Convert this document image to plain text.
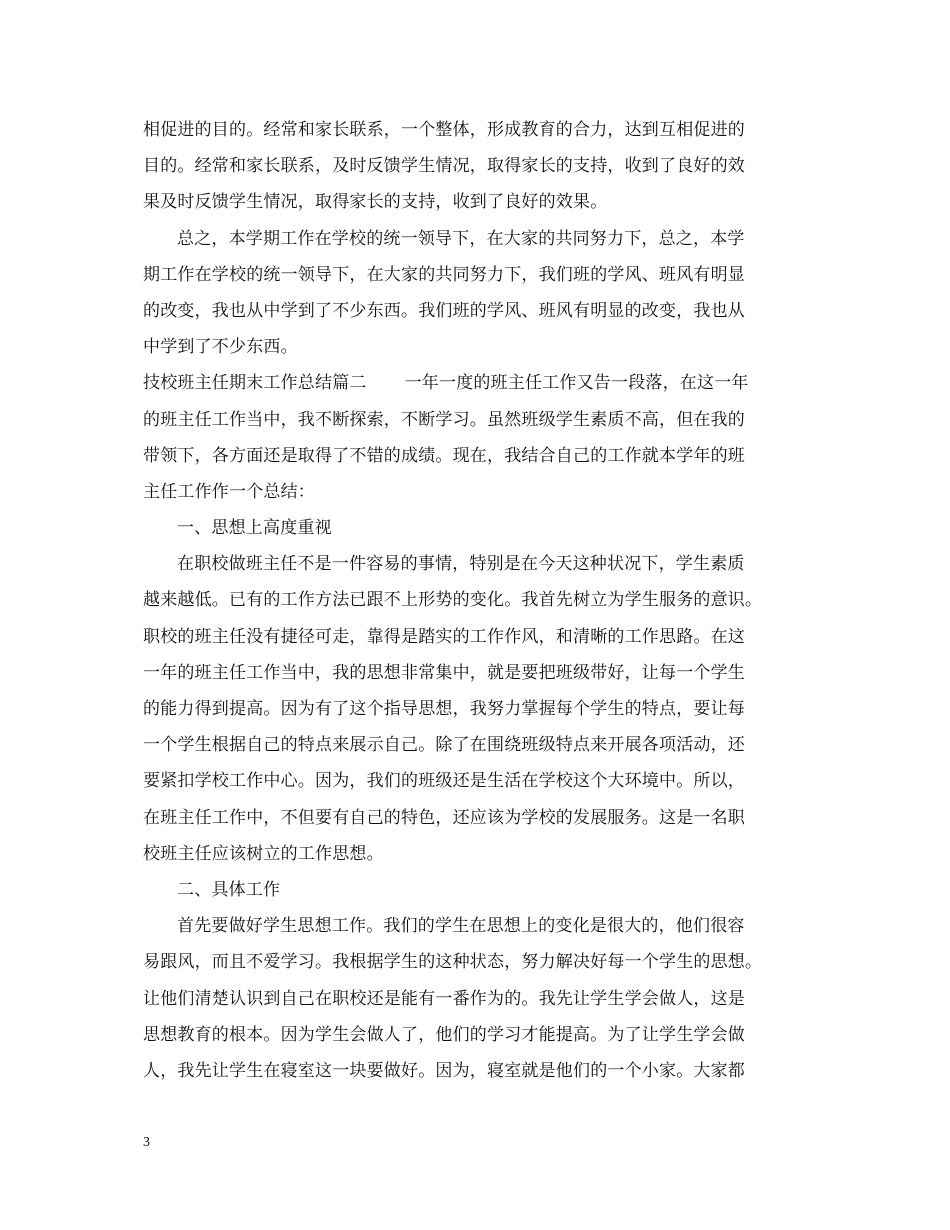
相促进的目的。经常和家长联系，一个整体，形成教育的合力，达到互相促进的
目的。经常和家长联系，及时反馈学生情况，取得家长的支持，收到了良好的效
果及时反馈学生情况，取得家长的支持，收到了良好的效果。
总之，本学期工作在学校的统一领导下，在大家的共同努力下，总之，本学
期工作在学校的统一领导下，在大家的共同努力下，我们班的学风、班风有明显
的改变，我也从中学到了不少东西。我们班的学风、班风有明显的改变，我也从
中学到了不少东西。
技校班主任期末工作总结篇二 一年一度的班主任工作又告一段落，在这一年
的班主任工作当中，我不断探索，不断学习。虽然班级学生素质不高，但在我的
带领下，各方面还是取得了不错的成绩。现在，我结合自己的工作就本学年的班
主任工作作一个总结：
一、思想上高度重视
在职校做班主任不是一件容易的事情，特别是在今天这种状况下，学生素质
越来越低。已有的工作方法已跟不上形势的变化。我首先树立为学生服务的意识。
职校的班主任没有捷径可走，靠得是踏实的工作作风，和清晰的工作思路。在这
一年的班主任工作当中，我的思想非常集中，就是要把班级带好，让每一个学生
的能力得到提高。因为有了这个指导思想，我努力掌握每个学生的特点，要让每
一个学生根据自己的特点来展示自己。除了在围绕班级特点来开展各项活动，还
要紧扣学校工作中心。因为，我们的班级还是生活在学校这个大环境中。所以，
在班主任工作中，不但要有自己的特色，还应该为学校的发展服务。这是一名职
校班主任应该树立的工作思想。
二、具体工作
首先要做好学生思想工作。我们的学生在思想上的变化是很大的，他们很容
易跟风，而且不爱学习。我根据学生的这种状态，努力解决好每一个学生的思想。
让他们清楚认识到自己在职校还是能有一番作为的。我先让学生学会做人，这是
思想教育的根本。因为学生会做人了，他们的学习才能提高。为了让学生学会做
人，我先让学生在寝室这一块要做好。因为，寝室就是他们的一个小家。大家都
3
